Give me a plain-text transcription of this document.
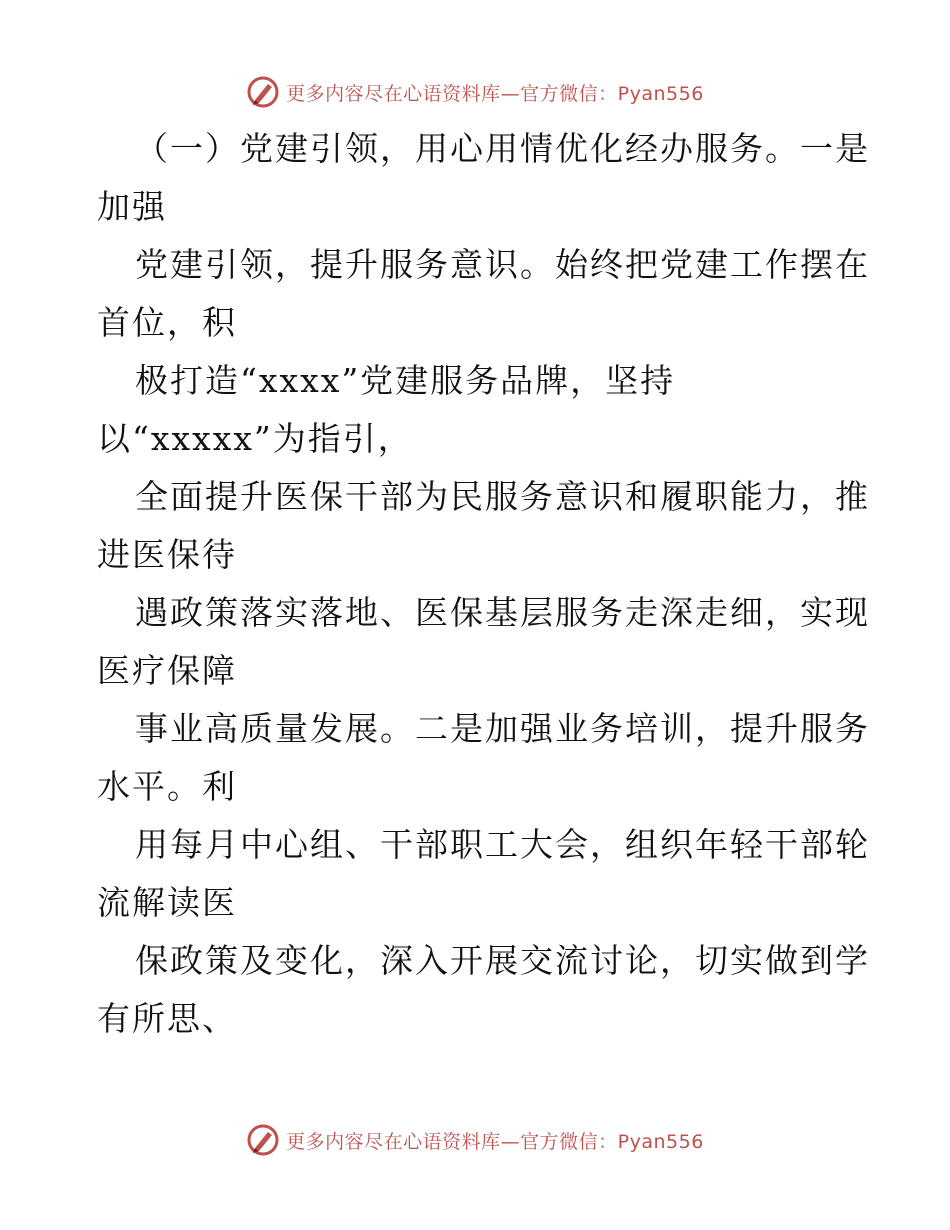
更多内容尽在心语资料库—官方微信：Pyan556
（一）党建引领，用心用情优化经办服务。一是
加强
党建引领，提升服务意识。始终把党建工作摆在
首位，积
极打造“xxxx”党建服务品牌，坚持
以“xxxxx”为指引，
全面提升医保干部为民服务意识和履职能力，推
进医保待
遇政策落实落地、医保基层服务走深走细，实现
医疗保障
事业高质量发展。二是加强业务培训，提升服务
水平。利
用每月中心组、干部职工大会，组织年轻干部轮
流解读医
保政策及变化，深入开展交流讨论，切实做到学
有所思、
更多内容尽在心语资料库—官方微信：Pyan556
